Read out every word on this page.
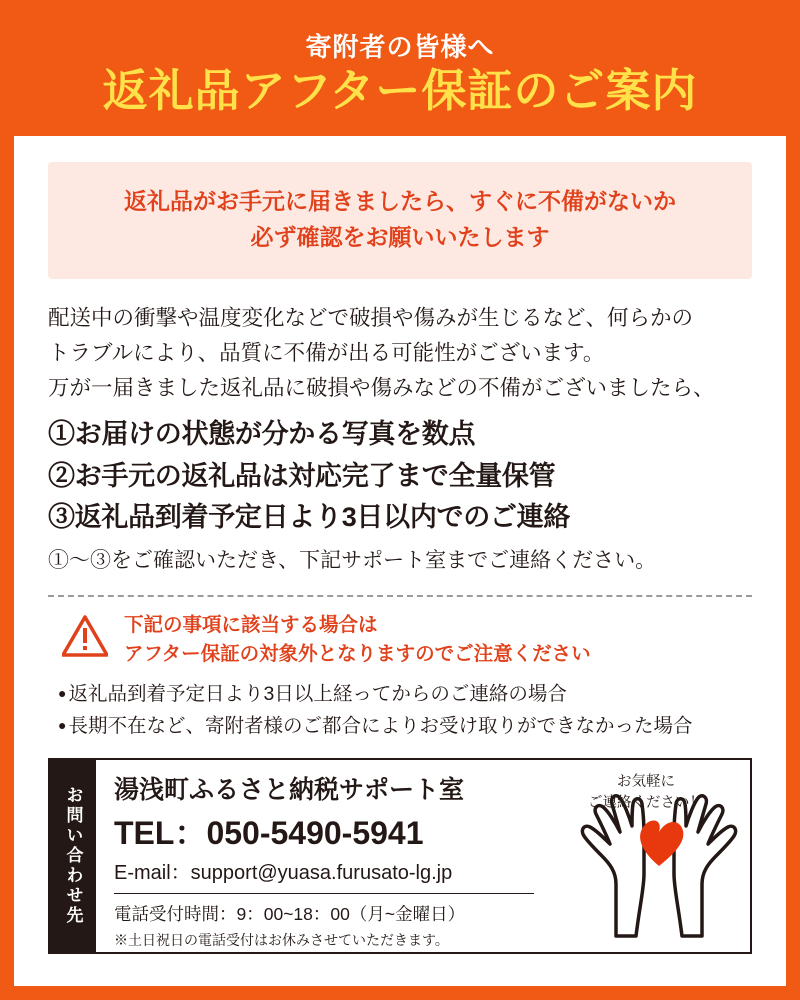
寄附者の皆様へ
返礼品アフター保証のご案内
返礼品がお手元に届きましたら、すぐに不備がないか
必ず確認をお願いいたします
配送中の衝撃や温度変化などで破損や傷みが生じるなど、何らかの
トラブルにより、品質に不備が出る可能性がございます。
万が一届きました返礼品に破損や傷みなどの不備がございましたら、
①お届けの状態が分かる写真を数点
②お手元の返礼品は対応完了まで全量保管
③返礼品到着予定日より3日以内でのご連絡
①〜③をご確認いただき、下記サポート室までご連絡ください。
下記の事項に該当する場合は
アフター保証の対象外となりますのでご注意ください
● 返礼品到着予定日より3日以上経ってからのご連絡の場合
● 長期不在など、寄附者様のご都合によりお受け取りができなかった場合
お問い合わせ先	湯浅町ふるさと納税サポート室
TEL：050-5490-5941
E-mail：support@yuasa.furusato-lg.jp
電話受付時間：9：00~18：00（月~金曜日）
※土日祝日の電話受付はお休みさせていただきます。
お気軽に
ご連絡ください！
